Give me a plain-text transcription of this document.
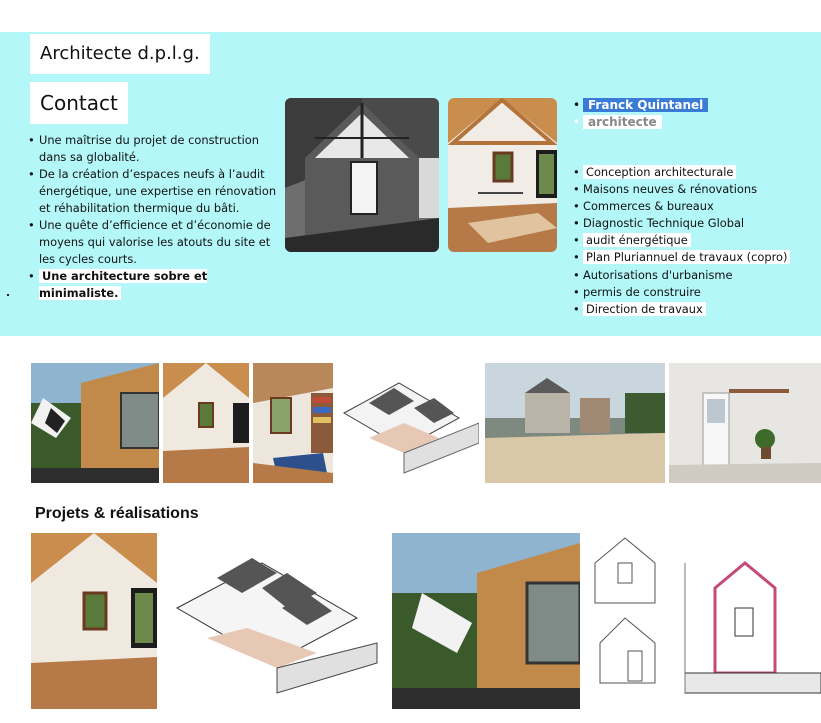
Architecte d.p.l.g.
Contact
• Une maîtrise du projet de construction dans sa globalité.
• De la création d’espaces neufs à l’audit énergétique, une expertise en rénovation et réhabilitation thermique du bâti.
• Une quête d’efficience et d’économie de moyens qui valorise les atouts du site et les cycles courts.
• Une architecture sobre et minimaliste.
• Franck Quintanel
• architecte
• Conception architecturale
• Maisons neuves & rénovations
• Commerces & bureaux
• Diagnostic Technique Global
• audit énergétique
• Plan Pluriannuel de travaux (copro)
• Autorisations d'urbanisme
• permis de construire
• Direction de travaux
Projets & réalisations
